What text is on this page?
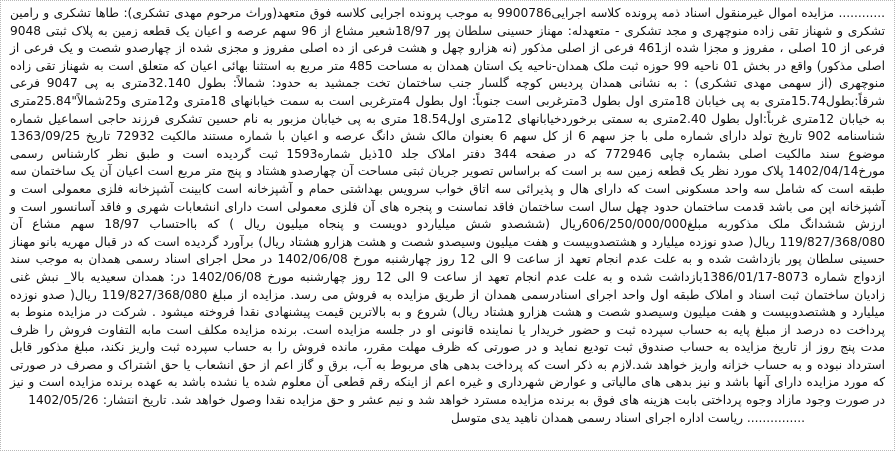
............ مزایده اموال غیرمنقول اسناد ذمه پرونده کلاسه اجرایی9900786 به موجب پرونده اجرایی کلاسه فوق متعهد(وراث مرحوم مهدی تشکری): طاها تشکری و رامین تشکری و شهناز تقی زاده منوچهری و مجد تشکری - متعهدله: مهناز حسینی سلطان پور 18/97شعیر مشاع از 96 سهم عرصه و اعیان یک قطعه زمین به پلاک ثبتی 9048 فرعی از 10 اصلی ، مفروز و مجزا شده از461 فرعی از اصلی مذکور (نه هزارو چهل و هشت فرعی از ده اصلی مفروز و مجزی شده از چهارصدو شصت و یک فرعی از اصلی مذکور) واقع در بخش 01 ناحیه 99 حوزه ثبت ملک همدان-ناحیه یک استان همدان به مساحت 485 متر مربع به استثنا بهائی اعیان که متعلق است به شهناز تقی زاده منوچهری (از سهمی مهدی تشکری) : به نشانی همدان پردیس کوچه گلسار جنب ساختمان تخت جمشید به حدود: شمالاً: بطول 32.140متری به پی 9047 فرعی شرقاً:بطول15.74متری به پی خیابان 18متری اول بطول 3مترغربی است جنوباً: اول بطول 4مترغربی است به سمت خیابانهای 18متری و12متری و25شمالاً"25.84متری به خیابان 12متری غرباً:اول بطول 2.40متری به سمتی برخوردخیابانهای 12متری اول18.54 متری به پی خیابان مزبور به نام حسین تشکری فرزند حاجی اسماعیل شماره شناسنامه 902 تاریخ تولد دارای شماره ملی با جز سهم 6 از کل سهم 6 بعنوان مالک شش دانگ عرصه و اعیان با شماره مستند مالکیت 72932 تاریخ 1363/09/25 موضوع سند مالکیت اصلی بشماره چاپی 772946 که در صفحه 344 دفتر املاک جلد 10ذیل شماره1593 ثبت گردیده است و طبق نظر کارشناس رسمی مورخ1402/04/14 پلاک مورد نظر یک قطعه زمین سه بر است که براساس تصویر جریان ثبتی مساحت آن چهارصدو هشتاد و پنج متر مربع است اعیان آن یک ساختمان سه طبقه است که شامل سه واحد مسکونی است که دارای هال و پذیرائی سه اتاق خواب سرویس بهداشتی حمام و آشپزخانه است کابینت آشپزخانه فلزی معمولی است و آشپزخانه اپن می باشد قدمت ساختمان حدود چهل سال است ساختمان فاقد نماسنت و پنجره های آن فلزی معمولی است دارای انشعابات شهری و فاقد آسانسور است و ارزش ششدانگ ملک مذکوربه مبلغ606/250/000/000ریال (ششصدو شش میلیاردو دویست و پنجاه میلیون ریال ) که بااحتساب 18/97 سهم مشاع آن 119/827/368/080 ریال( صدو نوزده میلیارد و هشتصدوبیست و هفت میلیون وسیصدو شصت و هشت هزارو هشتاد ریال) برآورد گردیده است که در قبال مهریه بانو مهناز حسینی سلطان پور بازداشت شده و به علت عدم انجام تعهد از ساعت 9 الی 12 روز چهارشنبه مورخ 1402/06/08 در محل اجرای اسناد رسمی همدان به موجب سند ازدواج شماره 8073-1386/01/17بازداشت شده و به علت عدم انجام تعهد از ساعت 9 الی 12 روز چهارشنبه مورخ 1402/06/08 در: همدان سعیدیه بالا_ نبش غنی زادیان ساختمان ثبت اسناد و املاک طبقه اول واحد اجرای اسنادرسمی همدان از طریق مزایده به فروش می رسد. مزایده از مبلغ 119/827/368/080 ریال( صدو نوزده میلیارد و هشتصدوبیست و هفت میلیون وسیصدو شصت و هشت هزارو هشتاد ریال) شروع و به بالاترین قیمت پیشنهادی نقدا فروخته میشود . شرکت در مزایده منوط به پرداخت ده درصد از مبلغ پایه به حساب سپرده ثبت و حضور خریدار یا نماینده قانونی او در جلسه مزایده است. برنده مزایده مکلف است مابه التفاوت فروش را ظرف مدت پنج روز از تاریخ مزایده به حساب صندوق ثبت تودیع نماید و در صورتی که ظرف مهلت مقرر، مانده فروش را به حساب سپرده ثبت واریز نکند، مبلغ مذکور قابل استرداد نبوده و به حساب خزانه واریز خواهد شد.لازم به ذکر است که پرداخت بدهی های مربوط به آب، برق و گاز اعم از حق انشعاب یا حق اشتراک و مصرف در صورتی که مورد مزایده دارای آنها باشد و نیز بدهی های مالیاتی و عوارض شهرداری و غیره اعم از اینکه رقم قطعی آن معلوم شده یا نشده باشد به عهده برنده مزایده است و نیز در صورت وجود مازاد وجوه پرداختی بابت هزینه های فوق به برنده مزایده مسترد خواهد شد و نیم عشر و حق مزایده نقدا وصول خواهد شد. تاریخ انتشار: 1402/05/26

............... ریاست اداره اجرای اسناد رسمی همدان ناهید یدی متوسل
